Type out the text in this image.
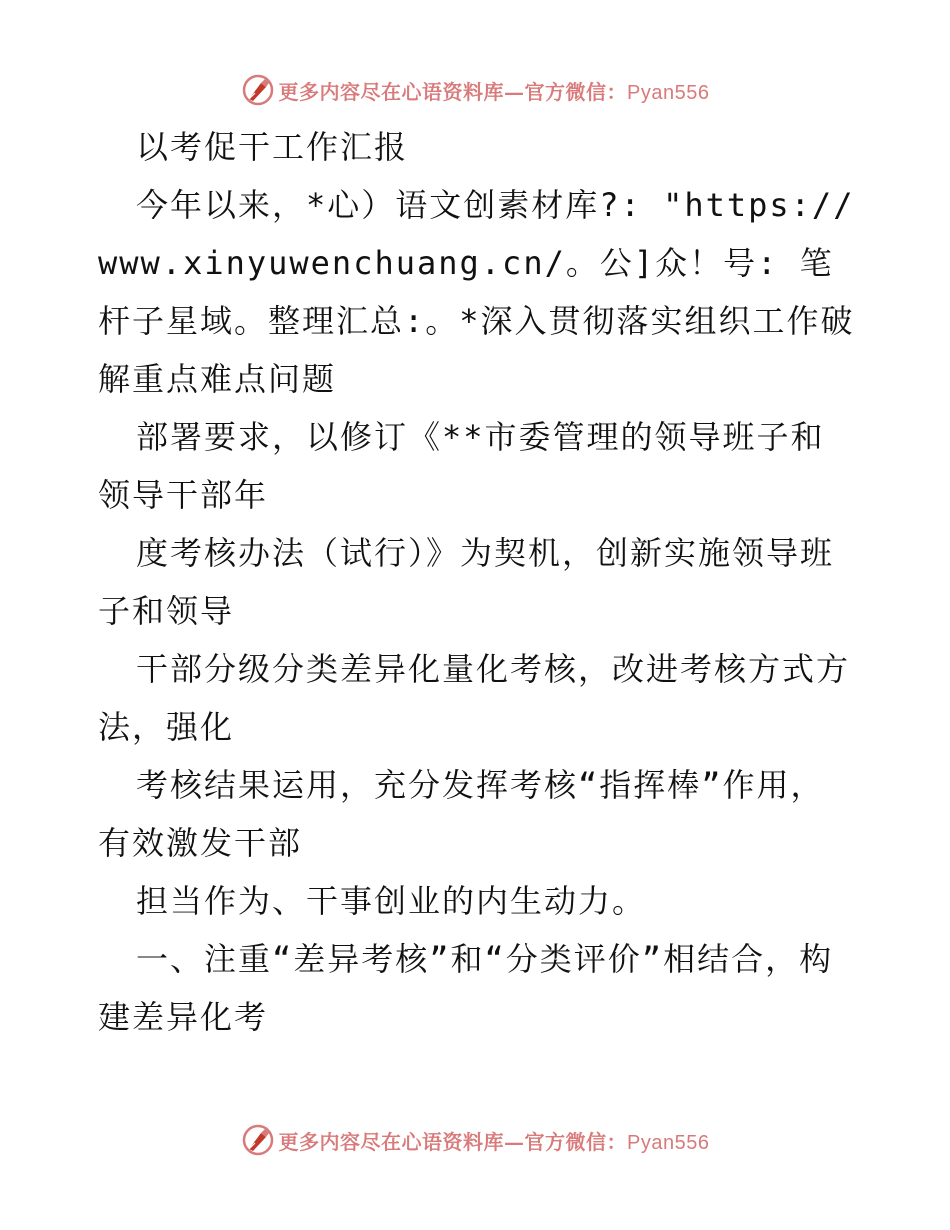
更多内容尽在心语资料库—官方微信：Pyan556

以考促干工作汇报

今年以来，*心）语文创素材库?: "https:// www.xinyuwenchuang.cn/。公]众！号: 笔杆子星域。整理汇总:。*深入贯彻落实组织工作破解重点难点问题

部署要求，以修订《**市委管理的领导班子和领导干部年

度考核办法（试行）》为契机，创新实施领导班子和领导

干部分级分类差异化量化考核，改进考核方式方法，强化

考核结果运用，充分发挥考核“指挥棒”作用，有效激发干部

担当作为、干事创业的内生动力。

一、注重“差异考核”和“分类评价”相结合，构建差异化考

更多内容尽在心语资料库—官方微信：Pyan556
